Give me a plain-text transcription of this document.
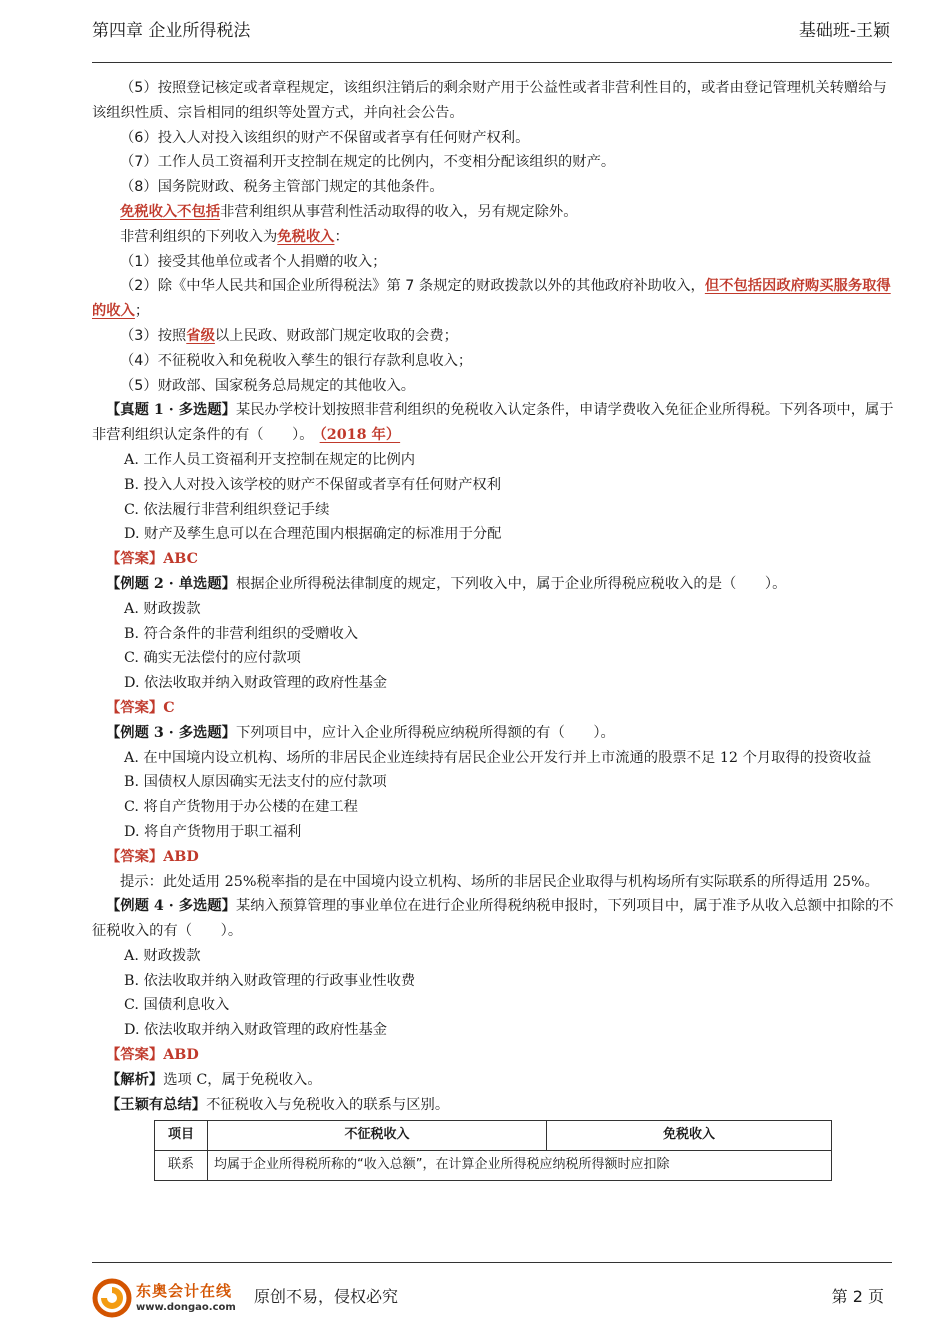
第四章 企业所得税法	基础班-王颖

（5）按照登记核定或者章程规定，该组织注销后的剩余财产用于公益性或者非营利性目的，或者由登记管理机关转赠给与该组织性质、宗旨相同的组织等处置方式，并向社会公告。

（6）投入人对投入该组织的财产不保留或者享有任何财产权利。

（7）工作人员工资福利开支控制在规定的比例内，不变相分配该组织的财产。

（8）国务院财政、税务主管部门规定的其他条件。

免税收入不包括非营利组织从事营利性活动取得的收入，另有规定除外。

非营利组织的下列收入为免税收入：

（1）接受其他单位或者个人捐赠的收入；

（2）除《中华人民共和国企业所得税法》第 7 条规定的财政拨款以外的其他政府补助收入，但不包括因政府购买服务取得的收入；

（3）按照省级以上民政、财政部门规定收取的会费；

（4）不征税收入和免税收入孳生的银行存款利息收入；

（5）财政部、国家税务总局规定的其他收入。

【真题 1 · 多选题】某民办学校计划按照非营利组织的免税收入认定条件，申请学费收入免征企业所得税。下列各项中，属于非营利组织认定条件的有（　　）。 （2018 年）

A. 工作人员工资福利开支控制在规定的比例内

B. 投入人对投入该学校的财产不保留或者享有任何财产权利

C. 依法履行非营利组织登记手续

D. 财产及孳生息可以在合理范围内根据确定的标准用于分配

【答案】ABC

【例题 2 · 单选题】根据企业所得税法律制度的规定，下列收入中，属于企业所得税应税收入的是（　　）。

A. 财政拨款

B. 符合条件的非营利组织的受赠收入

C. 确实无法偿付的应付款项

D. 依法收取并纳入财政管理的政府性基金

【答案】C

【例题 3 · 多选题】下列项目中，应计入企业所得税应纳税所得额的有（　　）。

A. 在中国境内设立机构、场所的非居民企业连续持有居民企业公开发行并上市流通的股票不足 12 个月取得的投资收益

B. 国债权人原因确实无法支付的应付款项

C. 将自产货物用于办公楼的在建工程

D. 将自产货物用于职工福利

【答案】ABD

提示：此处适用 25%税率指的是在中国境内设立机构、场所的非居民企业取得与机构场所有实际联系的所得适用 25%。

【例题 4 · 多选题】某纳入预算管理的事业单位在进行企业所得税纳税申报时，下列项目中，属于准予从收入总额中扣除的不征税收入的有（　　）。

A. 财政拨款

B. 依法收取并纳入财政管理的行政事业性收费

C. 国债利息收入

D. 依法收取并纳入财政管理的政府性基金

【答案】ABD

【解析】选项 C，属于免税收入。

【王颖有总结】不征税收入与免税收入的联系与区别。

项目	不征税收入	免税收入
联系	均属于企业所得税所称的“收入总额”，在计算企业所得税应纳税所得额时应扣除	
东奥会计在线
www.dongao.com
原创不易，侵权必究	第 2 页
